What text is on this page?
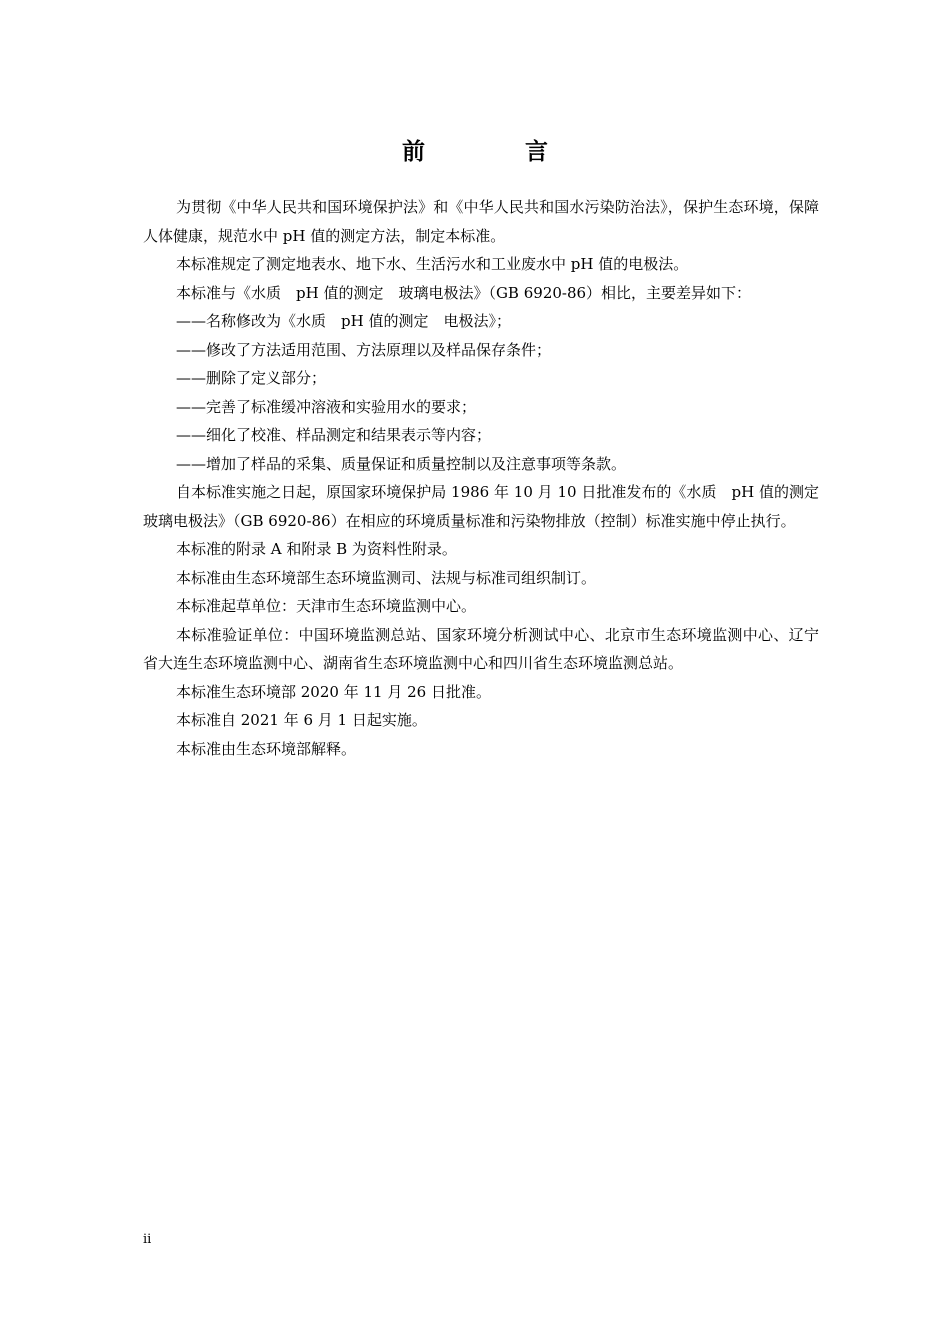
前 言

为贯彻《中华人民共和国环境保护法》和《中华人民共和国水污染防治法》，保护生态环境，保障人体健康，规范水中 pH 值的测定方法，制定本标准。

本标准规定了测定地表水、地下水、生活污水和工业废水中 pH 值的电极法。

本标准与《水质　pH 值的测定　玻璃电极法》（GB 6920-86）相比，主要差异如下：

——名称修改为《水质　pH 值的测定　电极法》；

——修改了方法适用范围、方法原理以及样品保存条件；

——删除了定义部分；

——完善了标准缓冲溶液和实验用水的要求；

——细化了校准、样品测定和结果表示等内容；

——增加了样品的采集、质量保证和质量控制以及注意事项等条款。

自本标准实施之日起，原国家环境保护局 1986 年 10 月 10 日批准发布的《水质　pH 值的测定　玻璃电极法》（GB 6920-86）在相应的环境质量标准和污染物排放（控制）标准实施中停止执行。

本标准的附录 A 和附录 B 为资料性附录。

本标准由生态环境部生态环境监测司、法规与标准司组织制订。

本标准起草单位：天津市生态环境监测中心。

本标准验证单位：中国环境监测总站、国家环境分析测试中心、北京市生态环境监测中心、辽宁省大连生态环境监测中心、湖南省生态环境监测中心和四川省生态环境监测总站。

本标准生态环境部 2020 年 11 月 26 日批准。

本标准自 2021 年 6 月 1 日起实施。

本标准由生态环境部解释。

ii
